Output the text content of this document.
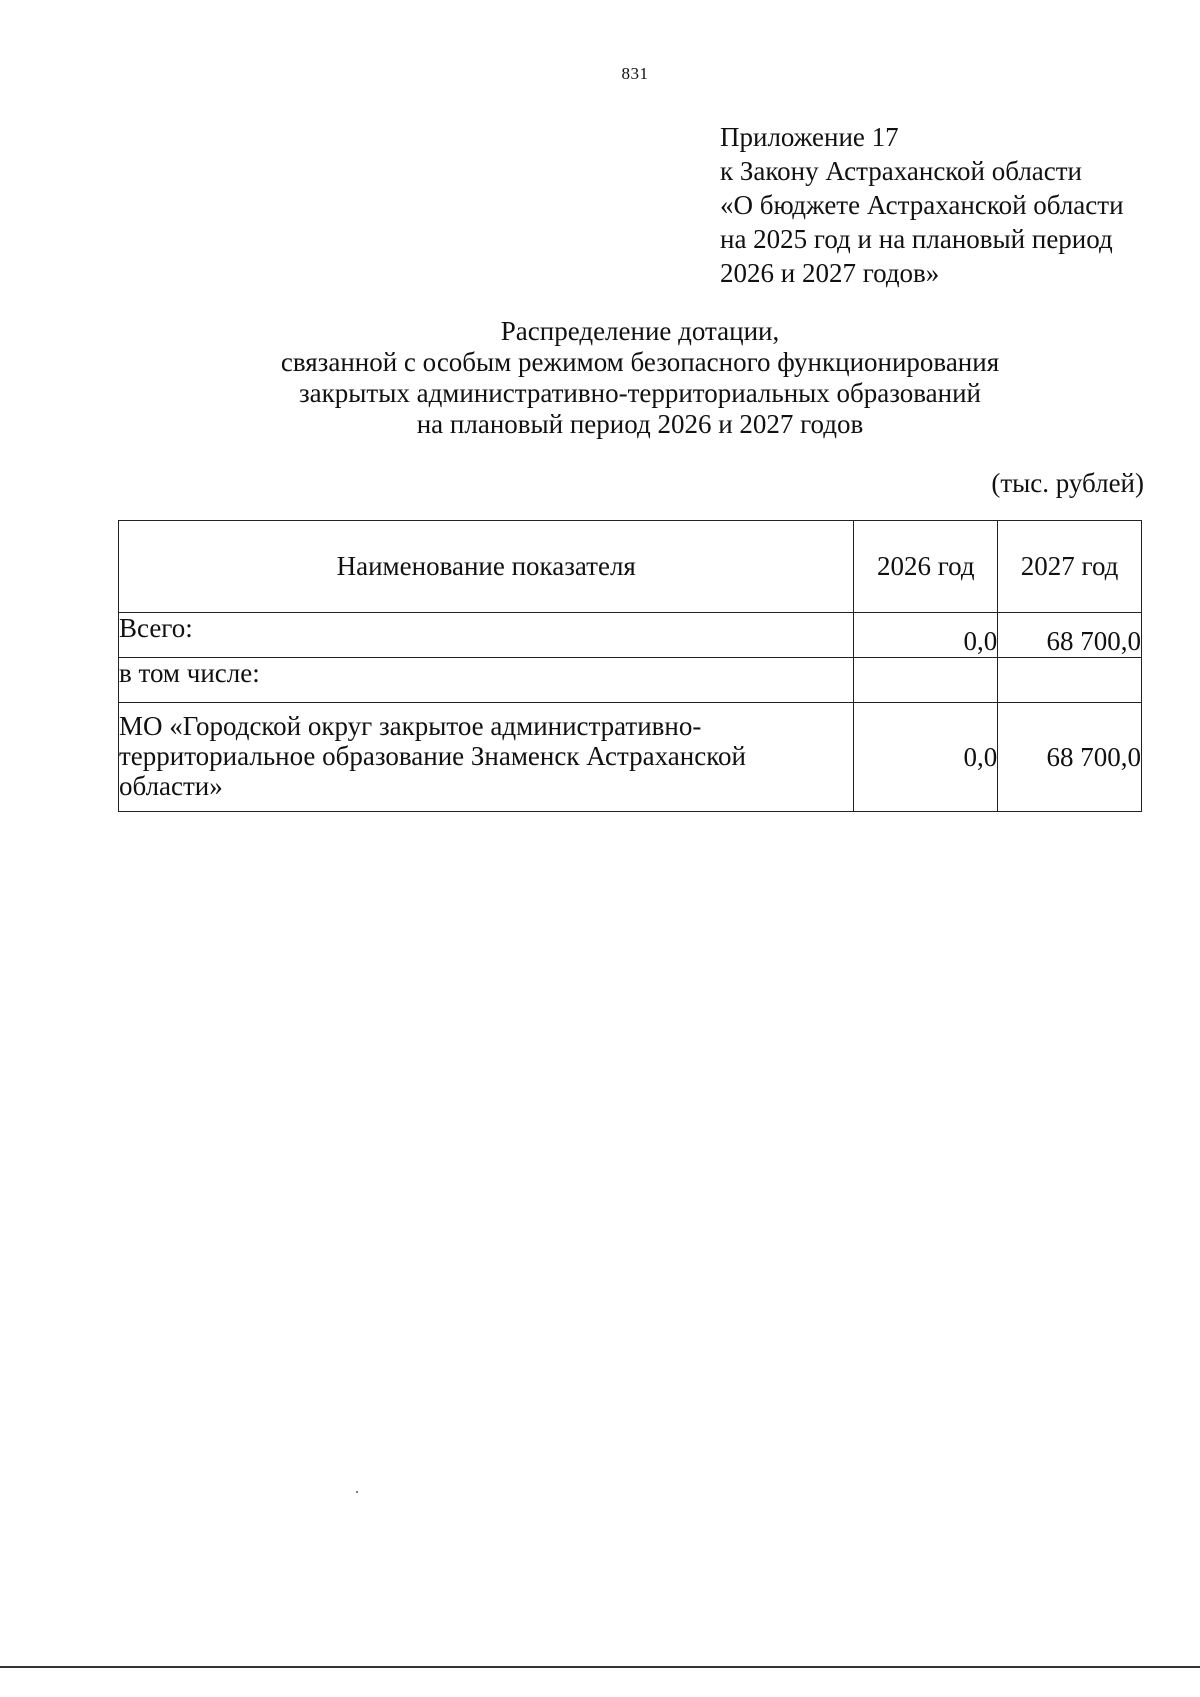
831
Приложение 17
к Закону Астраханской области
«О бюджете Астраханской области
на 2025 год и на плановый период
2026 и 2027 годов»
Распределение дотации,
связанной с особым режимом безопасного функционирования
закрытых административно-территориальных образований
на плановый период 2026 и 2027 годов
(тыс. рублей)
Наименование показателя	2026 год	2027 год
Всего:	0,0	68 700,0
в том числе:		
МО «Городской округ закрытое административно-территориальное образование Знаменск Астраханской области»	0,0	68 700,0
